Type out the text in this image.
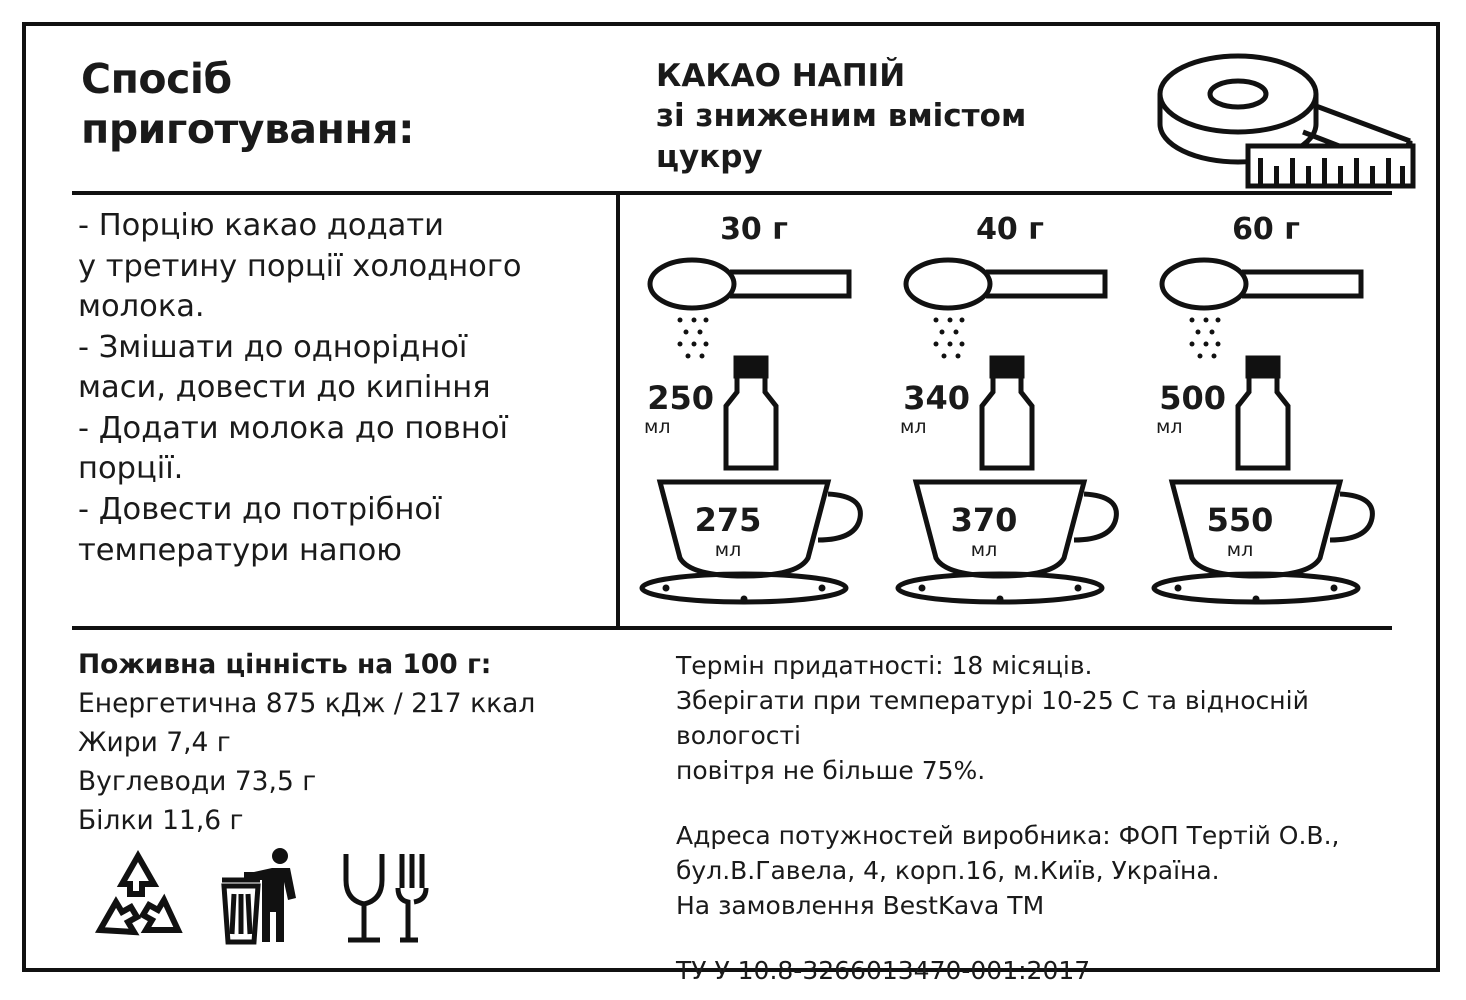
Спосіб
приготування:
КАКАО НАПІЙ
зі зниженим вмістом
цукру
- Порцію какао додати
у третину порції холодного
молока.
- Змішати до однорідної
маси, довести до кипіння
- Додати молока до повної
порції.
- Довести до потрібної
температури напою
30 г
250
мл
275
мл
40 г
340
мл
370
мл
60 г
500
мл
550
мл
Поживна цінність на 100 г:
Енергетична 875 кДж / 217 ккал
Жири 7,4 г
Вуглеводи 73,5 г
Білки 11,6 г

Термін придатності: 18 місяців.

Зберігати при температурі 10-25 С та відносній вологості

повітря не більше 75%.

Адреса потужностей виробника: ФОП Тертій О.В.,

бул.В.Гавела, 4, корп.16, м.Київ, Україна.

На замовлення BestKava ТМ

ТУ У 10.8-3266013470-001:2017
